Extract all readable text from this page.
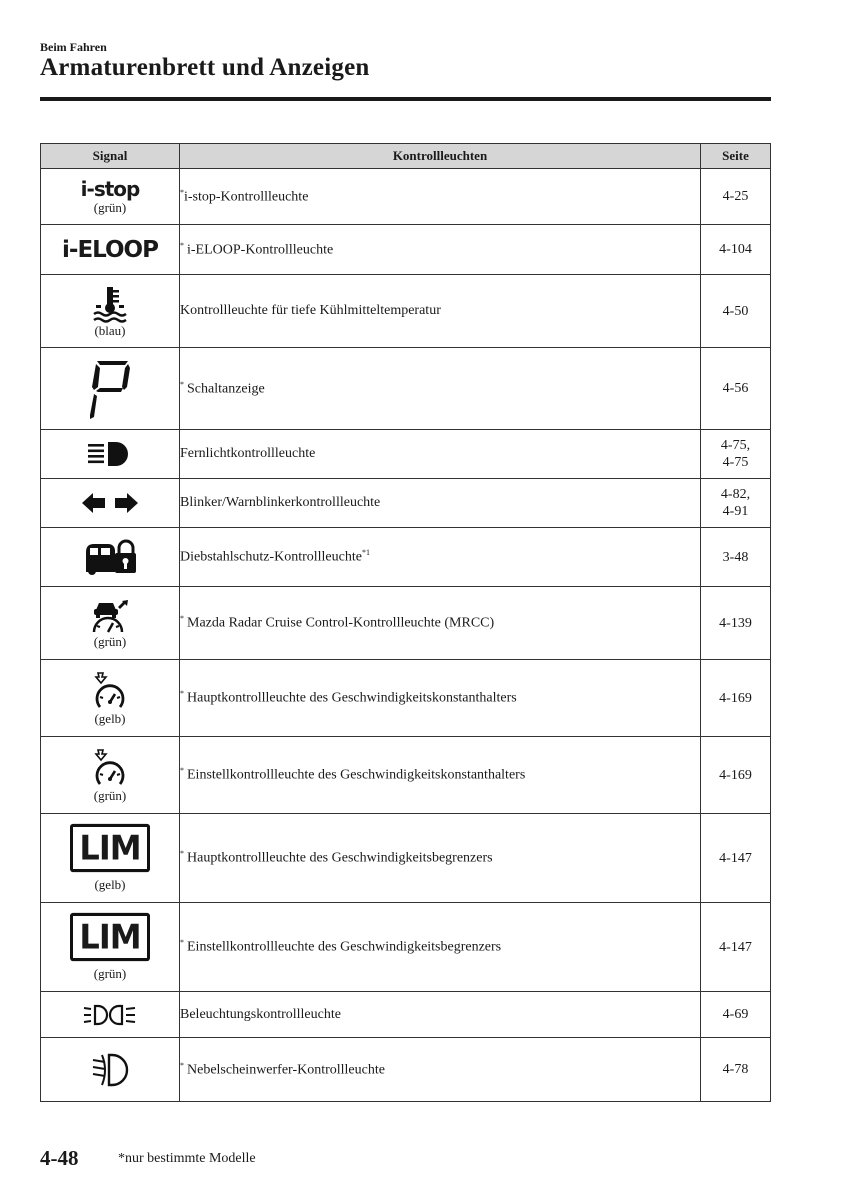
Beim Fahren
Armaturenbrett und Anzeigen
Signal	Kontrollleuchten	Seite

i-stop
(grün)	*i-stop-Kontrollleuchte	4-25

i-ELOOP	* i-ELOOP-Kontrollleuchte	4-104

(blau)	Kontrollleuchte für tiefe Kühlmitteltemperatur	4-50

	* Schaltanzeige	4-56

	Fernlichtkontrollleuchte	4-75,
4-75

	Blinker/Warnblinkerkontrollleuchte	4-82,
4-91

	Diebstahlschutz-Kontrollleuchte$^{*1}$	3-48

(grün)	* Mazda Radar Cruise Control-Kontrollleuchte (MRCC)	4-139

(gelb)	* Hauptkontrollleuchte des Geschwindigkeitskonstanthalters	4-169

(grün)	* Einstellkontrollleuchte des Geschwindigkeitskonstanthalters	4-169
LIM
(gelb)	* Hauptkontrollleuchte des Geschwindigkeitsbegrenzers	4-147
LIM
(grün)	* Einstellkontrollleuchte des Geschwindigkeitsbegrenzers	4-147

	Beleuchtungskontrollleuchte	4-69

	* Nebelscheinwerfer-Kontrollleuchte	4-78
4-48	*nur bestimmte Modelle
